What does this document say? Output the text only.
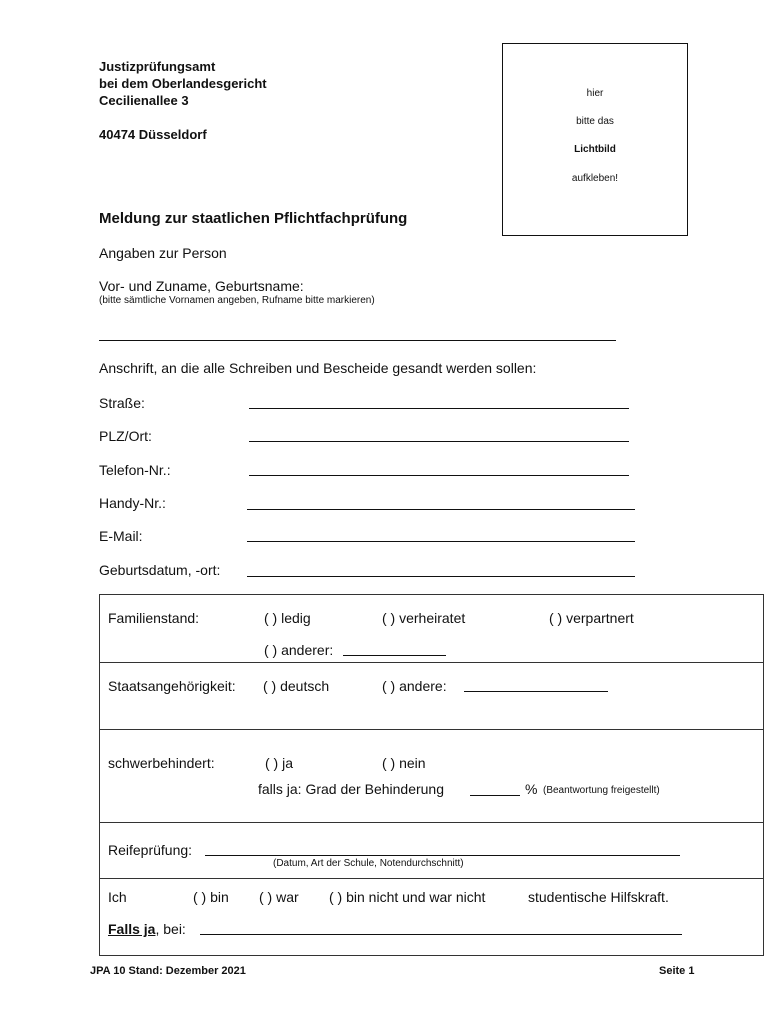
Justizprüfungsamt
bei dem Oberlandesgericht
Cecilienallee 3
40474 Düsseldorf
hier
bitte das
Lichtbild
aufkleben!
Meldung zur staatlichen Pflichtfachprüfung
Angaben zur Person
Vor- und Zuname, Geburtsname:
(bitte sämtliche Vornamen angeben, Rufname bitte markieren)
Anschrift, an die alle Schreiben und Bescheide gesandt werden sollen:
Straße:
PLZ/Ort:
Telefon-Nr.:
Handy-Nr.:
E-Mail:
Geburtsdatum, -ort:
Familienstand:	( ) ledig	( ) verheiratet	( ) verpartnert
( ) anderer:
Staatsangehörigkeit: ( ) deutsch	( ) andere:
schwerbehindert:	( ) ja	( ) nein
falls ja: Grad der Behinderung	% (Beantwortung freigestellt)
Reifeprüfung:
(Datum, Art der Schule, Notendurchschnitt)
Ich	( ) bin ( ) war ( ) bin nicht und war nicht	studentische Hilfskraft.
Falls ja, bei:
JPA 10 Stand: Dezember 2021	Seite 1
